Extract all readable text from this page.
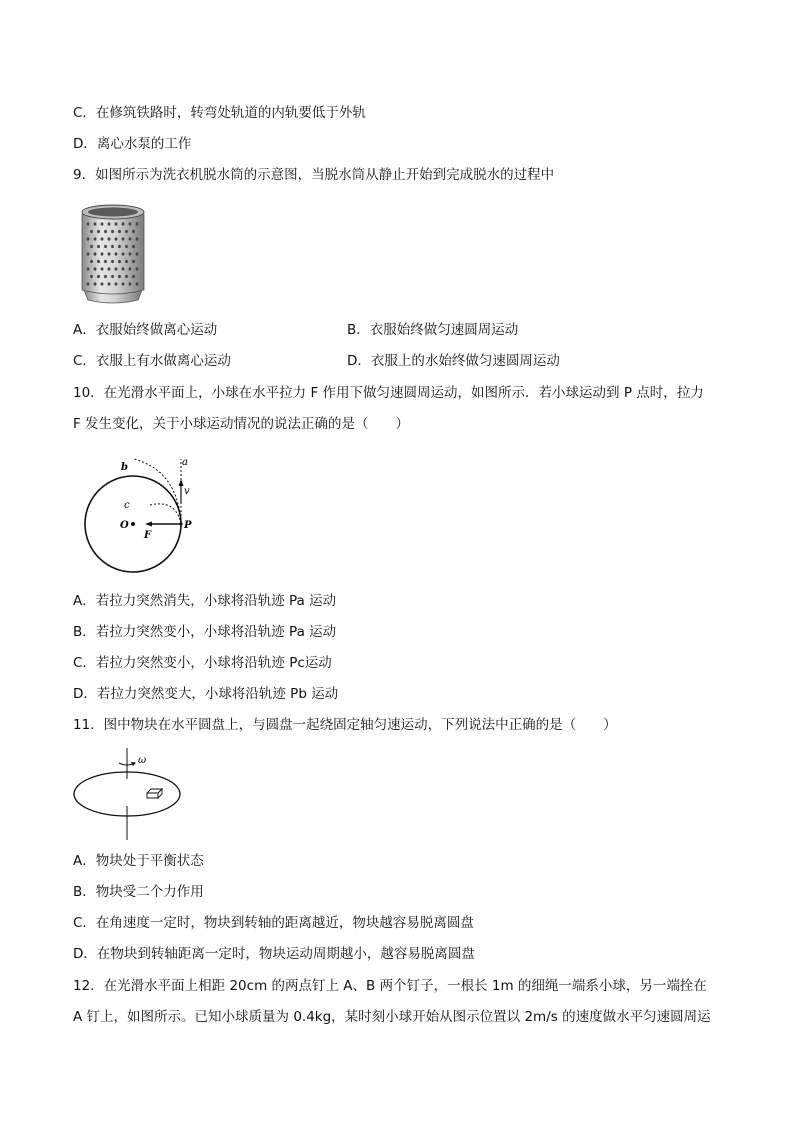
C．在修筑铁路时，转弯处轨道的内轨要低于外轨
D．离心水泵的工作
9．如图所示为洗衣机脱水筒的示意图，当脱水筒从静止开始到完成脱水的过程中
A．衣服始终做离心运动	B．衣服始终做匀速圆周运动
C．衣服上有水做离心运动	D．衣服上的水始终做匀速圆周运动
10．在光滑水平面上，小球在水平拉力 F 作用下做匀速圆周运动，如图所示．若小球运动到 P 点时，拉力
F 发生变化，关于小球运动情况的说法正确的是（　　）
a
b
c
v
O	P
F
A．若拉力突然消失，小球将沿轨迹 Pa 运动
B．若拉力突然变小，小球将沿轨迹 Pa 运动
C．若拉力突然变小，小球将沿轨迹 Pc运动
D．若拉力突然变大，小球将沿轨迹 Pb 运动
11．图中物块在水平圆盘上，与圆盘一起绕固定轴匀速运动，下列说法中正确的是（　　）
ω
A．物块处于平衡状态
B．物块受二个力作用
C．在角速度一定时，物块到转轴的距离越近，物块越容易脱离圆盘
D．在物块到转轴距离一定时，物块运动周期越小，越容易脱离圆盘
12．在光滑水平面上相距 20cm 的两点钉上 A、B 两个钉子，一根长 1m 的细绳一端系小球，另一端拴在
A 钉上，如图所示。已知小球质量为 0.4kg，某时刻小球开始从图示位置以 2m/s 的速度做水平匀速圆周运
